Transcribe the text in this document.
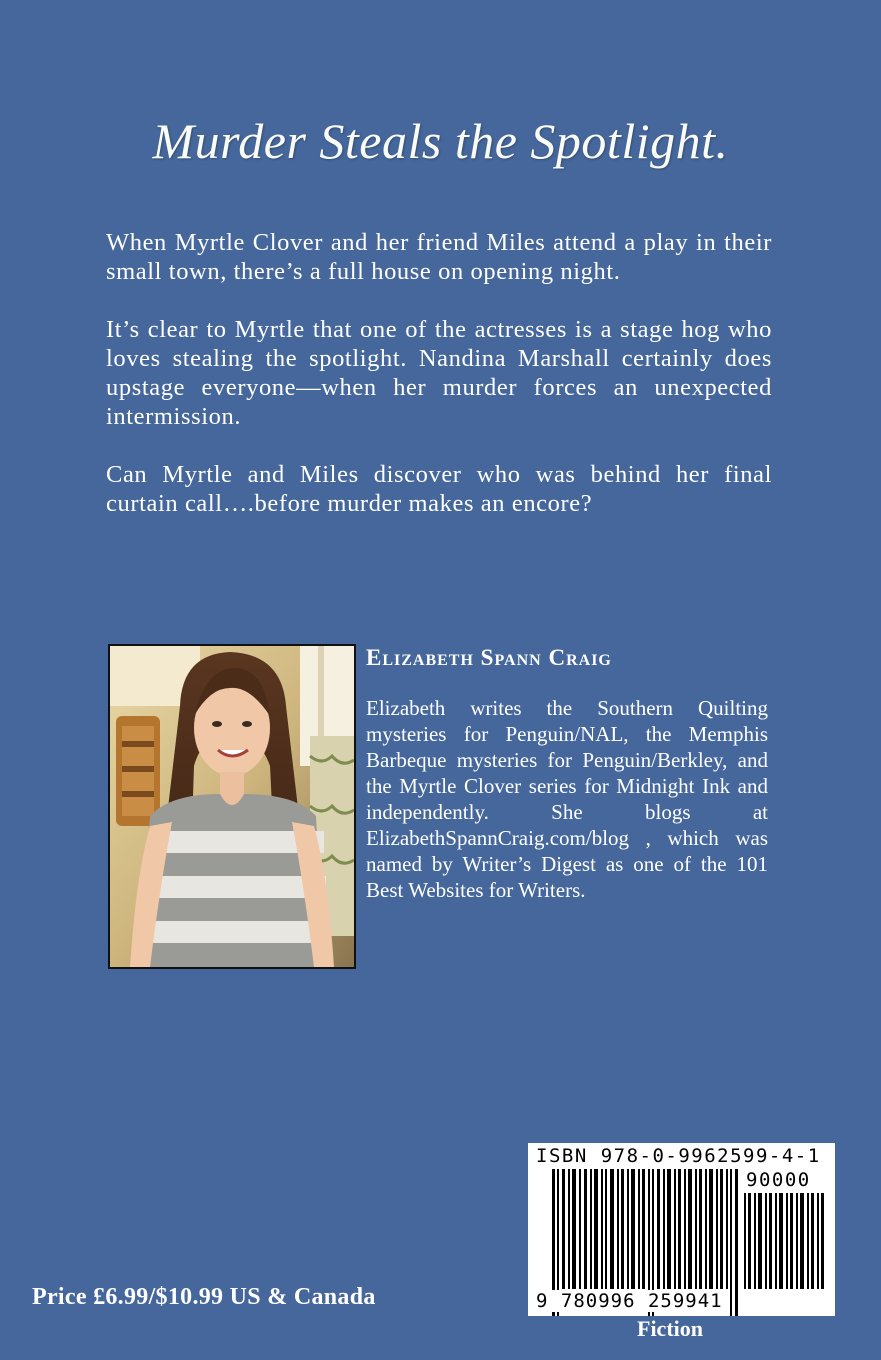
Murder Steals the Spotlight.

When Myrtle Clover and her friend Miles attend a play in their small town, there’s a full house on opening night.

It’s clear to Myrtle that one of the actresses is a stage hog who loves stealing the spotlight. Nandina Marshall certainly does upstage everyone—when her murder forces an unexpected intermission.

Can Myrtle and Miles discover who was behind her final curtain call….before murder makes an encore?

Elizabeth Spann Craig
Elizabeth writes the Southern Quilting mysteries for Penguin/NAL, the Memphis Barbeque mysteries for Penguin/Berkley, and the Myrtle Clover series for Midnight Ink and independently. She blogs at ElizabethSpannCraig.com/blog , which was named by Writer’s Digest as one of the 101 Best Websites for Writers.
Price £6.99/$10.99 US & Canada
ISBN 978-0-9962599-4-1
90000
9 780996 259941
Fiction
